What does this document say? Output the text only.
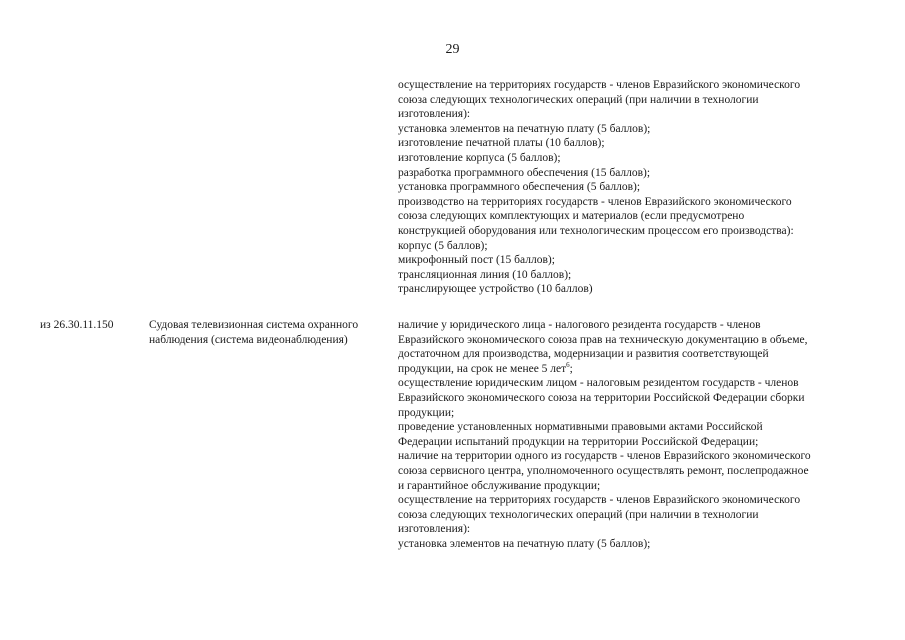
29
осуществление на территориях государств - членов Евразийского экономического
союза следующих технологических операций (при наличии в технологии
изготовления):
установка элементов на печатную плату (5 баллов);
изготовление печатной платы (10 баллов);
изготовление корпуса (5 баллов);
разработка программного обеспечения (15 баллов);
установка программного обеспечения (5 баллов);
производство на территориях государств - членов Евразийского экономического
союза следующих комплектующих и материалов (если предусмотрено
конструкцией оборудования или технологическим процессом его производства):
корпус (5 баллов);
микрофонный пост (15 баллов);
трансляционная линия (10 баллов);
транслирующее устройство (10 баллов)
из 26.30.11.150	Судовая телевизионная система охранного
наблюдения (система видеонаблюдения)
наличие у юридического лица - налогового резидента государств - членов
Евразийского экономического союза прав на техническую документацию в объеме,
достаточном для производства, модернизации и развития соответствующей
продукции, на срок не менее 5 лет$^6$;
осуществление юридическим лицом - налоговым резидентом государств - членов
Евразийского экономического союза на территории Российской Федерации сборки
продукции;
проведение установленных нормативными правовыми актами Российской
Федерации испытаний продукции на территории Российской Федерации;
наличие на территории одного из государств - членов Евразийского экономического
союза сервисного центра, уполномоченного осуществлять ремонт, послепродажное
и гарантийное обслуживание продукции;
осуществление на территориях государств - членов Евразийского экономического
союза следующих технологических операций (при наличии в технологии
изготовления):
установка элементов на печатную плату (5 баллов);
